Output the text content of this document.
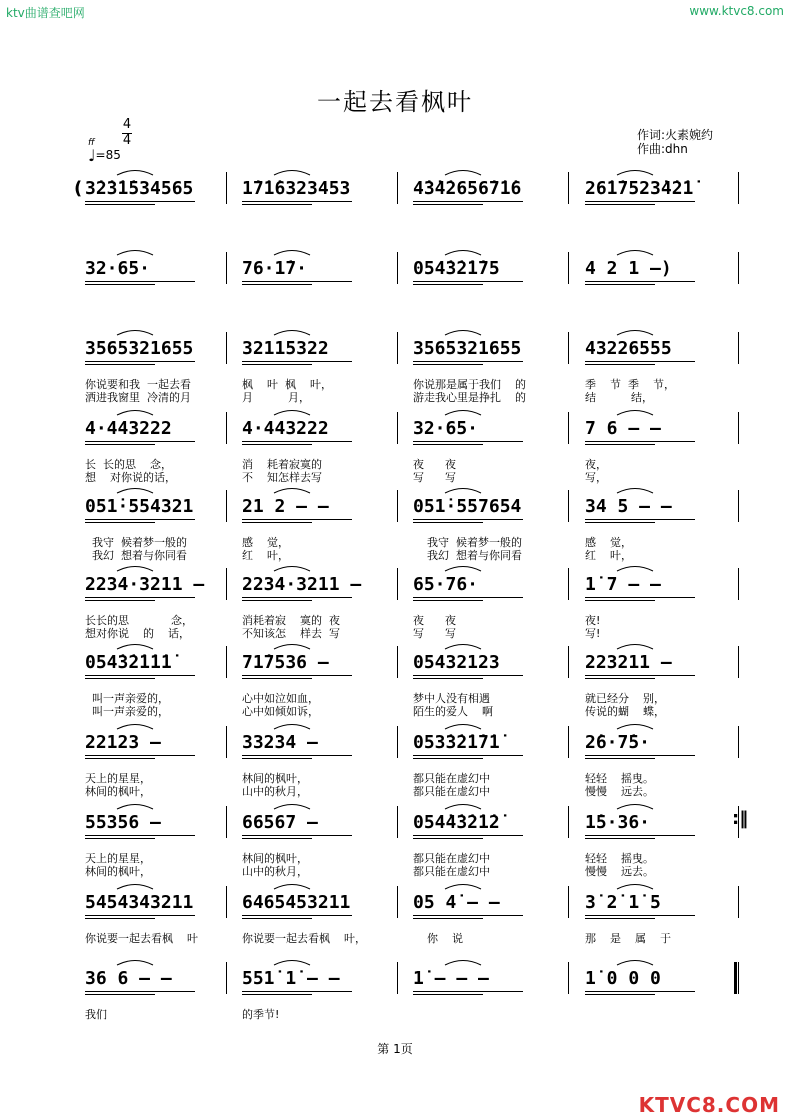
ktv曲谱查吧网	www.ktvc8.com
一起去看枫叶
作词:火素婉约
作曲:dhn
4
4
ff
♩=85
3̇2̇3̇1̇534565	1̇7̇1̇6323453	4̇3̇4̇2656̇7̇1̇6	26̇1̇7523̇4̇2̇1̇
32·65·	76·1̇7·	054̇3̇2̇1̇75	4 2 1 –)
3565321655	32115322	3565321655	43226555
你说要和我  一起去看	枫    叶  枫    叶，	你说那是属于我们    的	季    节  季    节，
洒进我窗里  冷清的月	月          月，	游走我心里是挣扎    的	结          结，
4·443222	4·443222	32·65·	7 6 – –
长  长的思    念，	消    耗着寂寞的	夜      夜	夜，
想    对你说的话，	不    知怎样去写	写      写	写，
051̇·554321	21 2 – –	051̇·557654	34 5 – –
我守  候着梦一般的	感    觉，	我守  候着梦一般的	感    觉，
我幻  想着与你同看	红    叶，	我幻  想着与你同看	红    叶，
2234·3211 – 2234·3211 –	65·76·	1̇ 7 – –
长长的思            念，	消耗着寂    寞的  夜	夜      夜	夜!
想对你说    的    话，	不知该怎    样去  写	写      写	写!
054̇3̇2̇1̇1̇1̇	71̇7536 –	05432123	223211 –
叫一声亲爱的，	心中如泣如血，	梦中人没有相遇	就已经分    别，
叫一声亲爱的，	心中如倾如诉，	陌生的爱人    啊	传说的蝴    蝶，
22123 –	33234 –	053̇3̇2̇1̇7̇1̇	2̇6·7̇5·
天上的星星，	林间的枫叶，	都只能在虚幻中	轻轻    摇曳。
林间的枫叶，	山中的秋月，	都只能在虚幻中	慢慢    远去。
55356 –	66567 –	054̇4̇3̇2̇1̇2̇	1̇5·36·
天上的星星，	林间的枫叶，	都只能在虚幻中	轻轻    摇曳。
林间的枫叶，	山中的秋月，	都只能在虚幻中	慢慢    远去。
5454343211	6465453211	05 4̇ – –	3̇ 2̇ 1̇ 5
你说要一起去看枫    叶	你说要一起去看枫    叶，	你    说	那    是    属    于
36 6 – –	551̇ 1̇ – –	1̇ – – –	1̇ 0 0 0
我们	的季节!
(
:‖
第 1页
KTVC8.COM
